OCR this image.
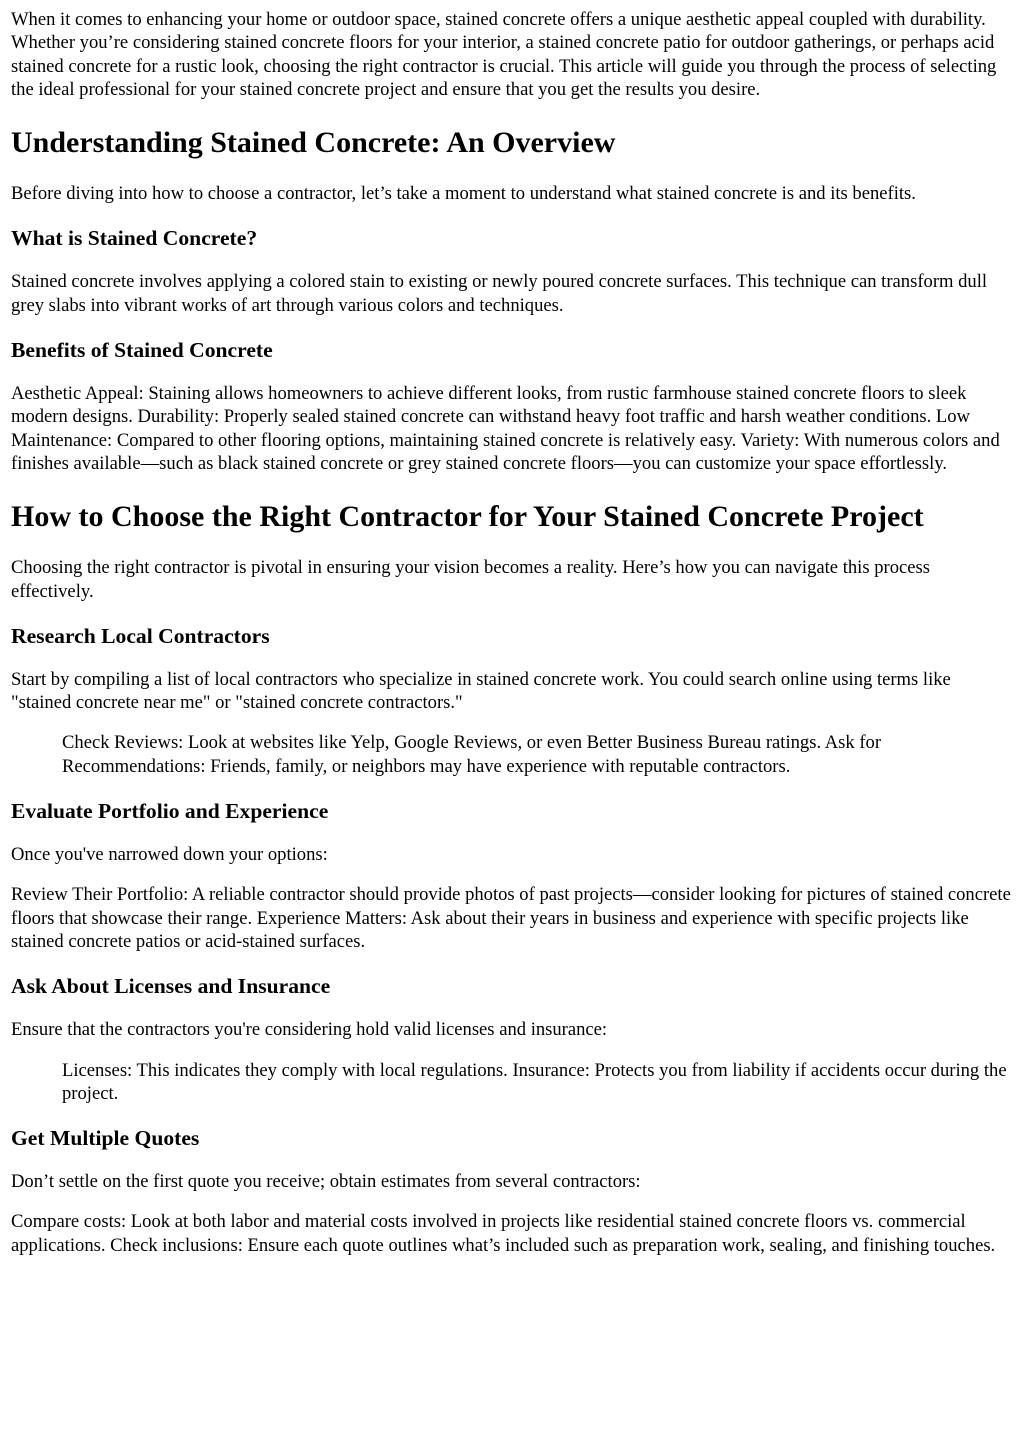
When it comes to enhancing your home or outdoor space, stained concrete offers a unique aesthetic appeal coupled with durability. Whether you’re considering stained concrete floors for your interior, a stained concrete patio for outdoor gatherings, or perhaps acid stained concrete for a rustic look, choosing the right contractor is crucial. This article will guide you through the process of selecting the ideal professional for your stained concrete project and ensure that you get the results you desire.

Understanding Stained Concrete: An Overview

Before diving into how to choose a contractor, let’s take a moment to understand what stained concrete is and its benefits.

What is Stained Concrete?

Stained concrete involves applying a colored stain to existing or newly poured concrete surfaces. This technique can transform dull grey slabs into vibrant works of art through various colors and techniques.

Benefits of Stained Concrete

Aesthetic Appeal: Staining allows homeowners to achieve different looks, from rustic farmhouse stained concrete floors to sleek modern designs. Durability: Properly sealed stained concrete can withstand heavy foot traffic and harsh weather conditions. Low Maintenance: Compared to other flooring options, maintaining stained concrete is relatively easy. Variety: With numerous colors and finishes available—such as black stained concrete or grey stained concrete floors—you can customize your space effortlessly.

How to Choose the Right Contractor for Your Stained Concrete Project

Choosing the right contractor is pivotal in ensuring your vision becomes a reality. Here’s how you can navigate this process effectively.

Research Local Contractors

Start by compiling a list of local contractors who specialize in stained concrete work. You could search online using terms like "stained concrete near me" or "stained concrete contractors."

Check Reviews: Look at websites like Yelp, Google Reviews, or even Better Business Bureau ratings. Ask for Recommendations: Friends, family, or neighbors may have experience with reputable contractors.

Evaluate Portfolio and Experience

Once you've narrowed down your options:

Review Their Portfolio: A reliable contractor should provide photos of past projects—consider looking for pictures of stained concrete floors that showcase their range. Experience Matters: Ask about their years in business and experience with specific projects like stained concrete patios or acid-stained surfaces.

Ask About Licenses and Insurance

Ensure that the contractors you're considering hold valid licenses and insurance:

Licenses: This indicates they comply with local regulations. Insurance: Protects you from liability if accidents occur during the project.

Get Multiple Quotes

Don’t settle on the first quote you receive; obtain estimates from several contractors:

Compare costs: Look at both labor and material costs involved in projects like residential stained concrete floors vs. commercial applications. Check inclusions: Ensure each quote outlines what’s included such as preparation work, sealing, and finishing touches.
